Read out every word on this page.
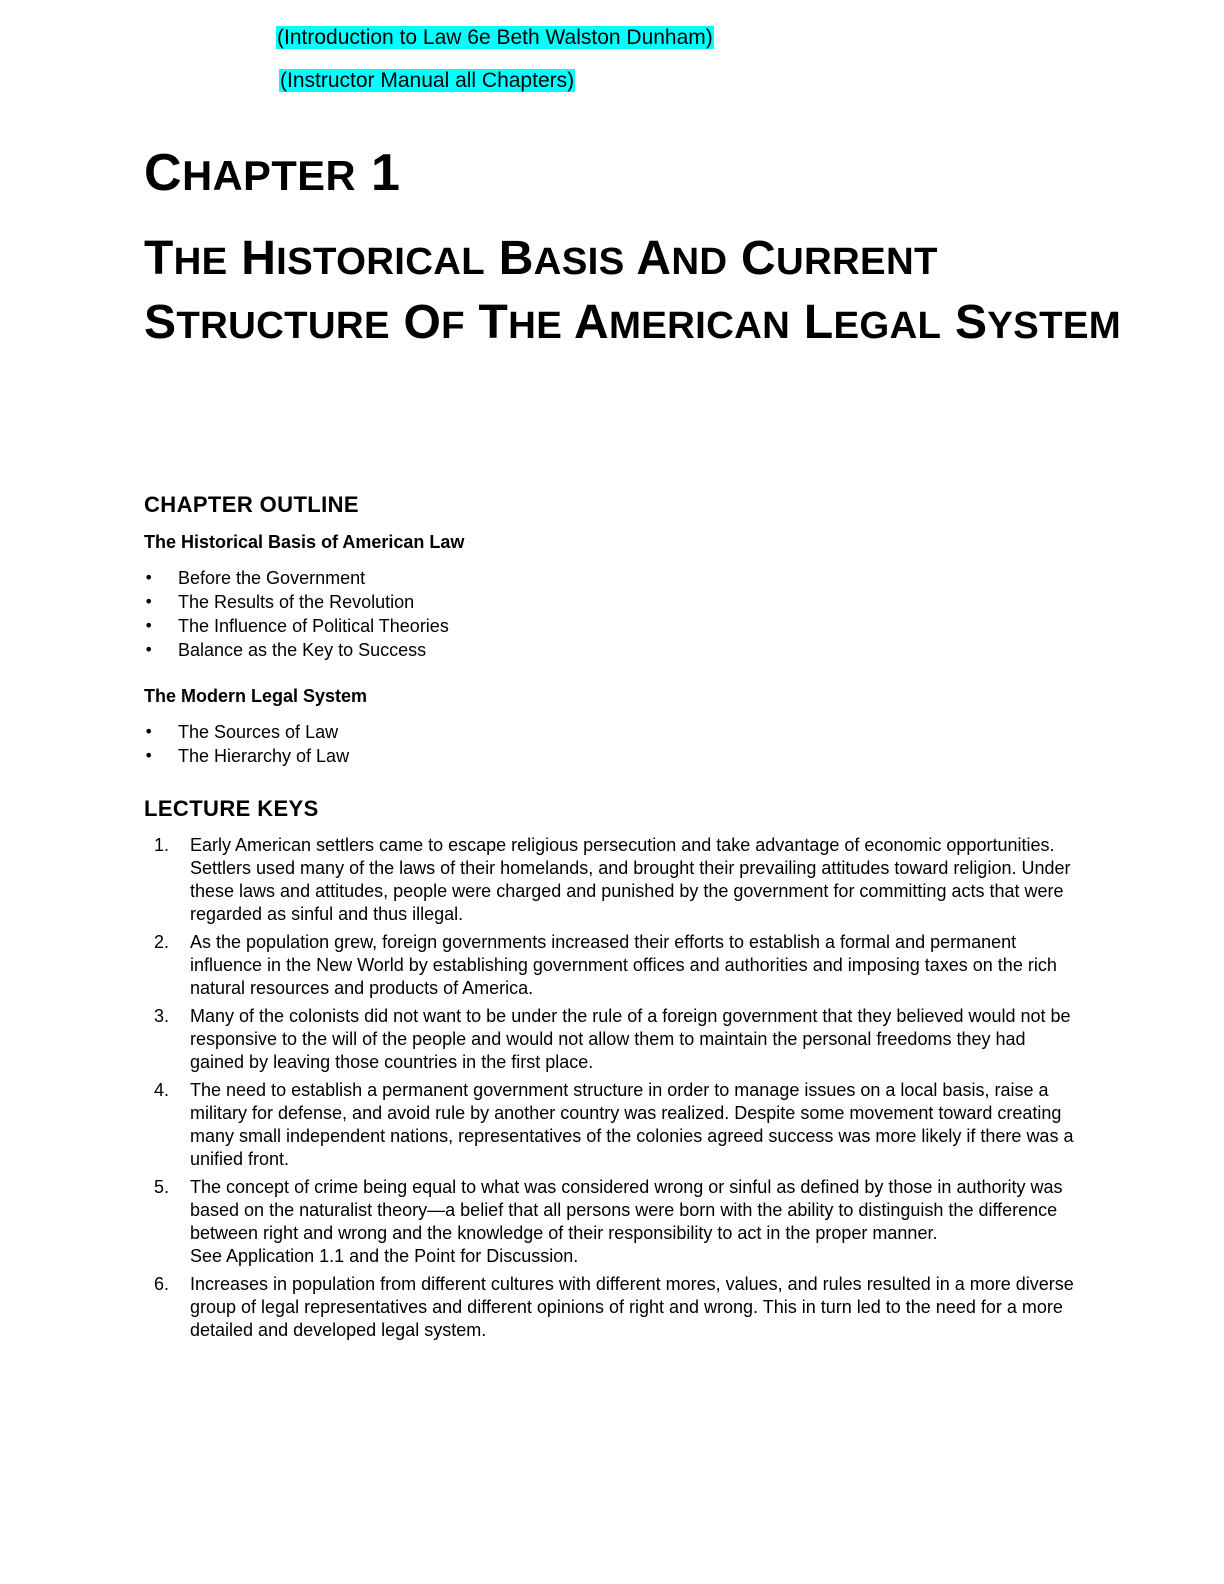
(Introduction to Law 6e Beth Walston Dunham)
(Instructor Manual all Chapters)
CHAPTER 1
THE HISTORICAL BASIS AND CURRENT STRUCTURE OF THE AMERICAN LEGAL SYSTEM
CHAPTER OUTLINE
The Historical Basis of American Law
• Before the Government
• The Results of the Revolution
• The Influence of Political Theories
• Balance as the Key to Success
The Modern Legal System
• The Sources of Law
• The Hierarchy of Law
LECTURE KEYS
1. Early American settlers came to escape religious persecution and take advantage of economic opportunities. Settlers used many of the laws of their homelands, and brought their prevailing attitudes toward religion. Under these laws and attitudes, people were charged and punished by the government for committing acts that were regarded as sinful and thus illegal.
2. As the population grew, foreign governments increased their efforts to establish a formal and permanent influence in the New World by establishing government offices and authorities and imposing taxes on the rich natural resources and products of America.
3. Many of the colonists did not want to be under the rule of a foreign government that they believed would not be responsive to the will of the people and would not allow them to maintain the personal freedoms they had gained by leaving those countries in the first place.
4. The need to establish a permanent government structure in order to manage issues on a local basis, raise a military for defense, and avoid rule by another country was realized. Despite some movement toward creating many small independent nations, representatives of the colonies agreed success was more likely if there was a unified front.
5. The concept of crime being equal to what was considered wrong or sinful as defined by those in authority was based on the naturalist theory—a belief that all persons were born with the ability to distinguish the difference between right and wrong and the knowledge of their responsibility to act in the proper manner.
See Application 1.1 and the Point for Discussion.
6. Increases in population from different cultures with different mores, values, and rules resulted in a more diverse group of legal representatives and different opinions of right and wrong. This in turn led to the need for a more detailed and developed legal system.
